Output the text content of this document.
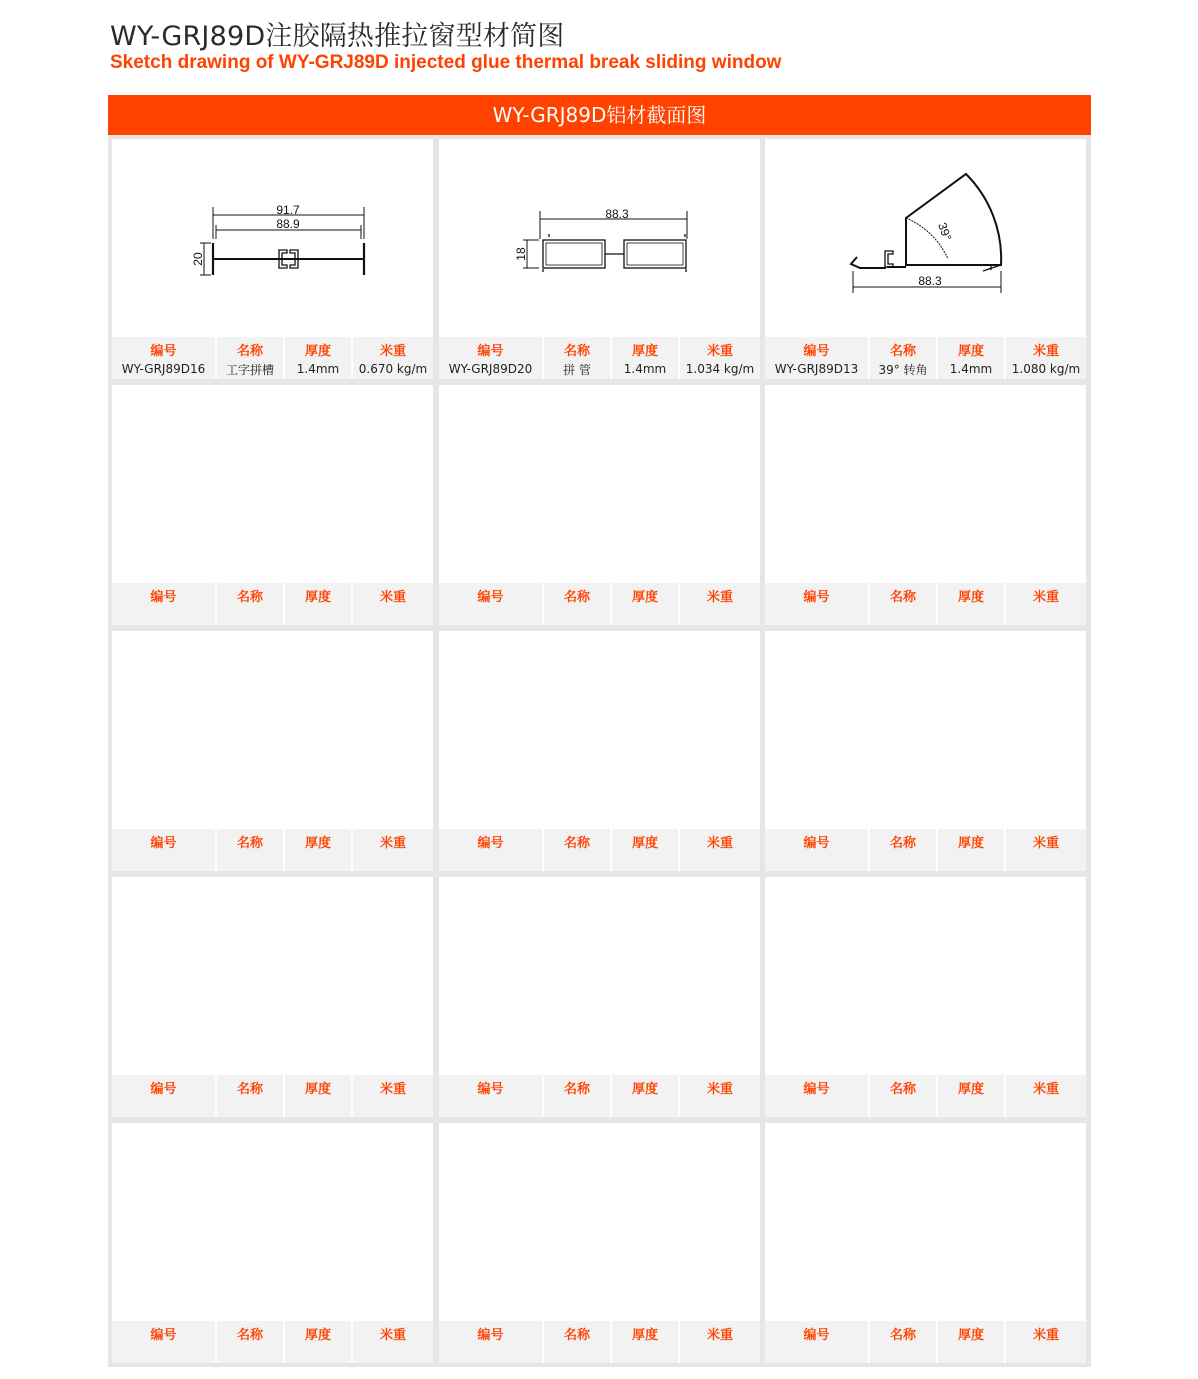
WY-GRJ89D注胶隔热推拉窗型材简图
Sketch drawing of WY-GRJ89D injected glue thermal break sliding window
WY-GRJ89D铝材截面图
91.7
88.9
20
编号	名称	厚度	米重
WY-GRJ89D16	工字拼槽	1.4mm	0.670 kg/m
88.3
18
编号	名称	厚度	米重
WY-GRJ89D20	拼 管	1.4mm	1.034 kg/m
88.3
39°
编号	名称	厚度	米重
WY-GRJ89D13	39° 转角	1.4mm	1.080 kg/m
编号	名称	厚度	米重
				编号	名称	厚度	米重
				编号	名称	厚度	米重

编号	名称	厚度	米重
				编号	名称	厚度	米重
				编号	名称	厚度	米重

编号	名称	厚度	米重
				编号	名称	厚度	米重
				编号	名称	厚度	米重

编号	名称	厚度	米重
				编号	名称	厚度	米重
				编号	名称	厚度	米重
